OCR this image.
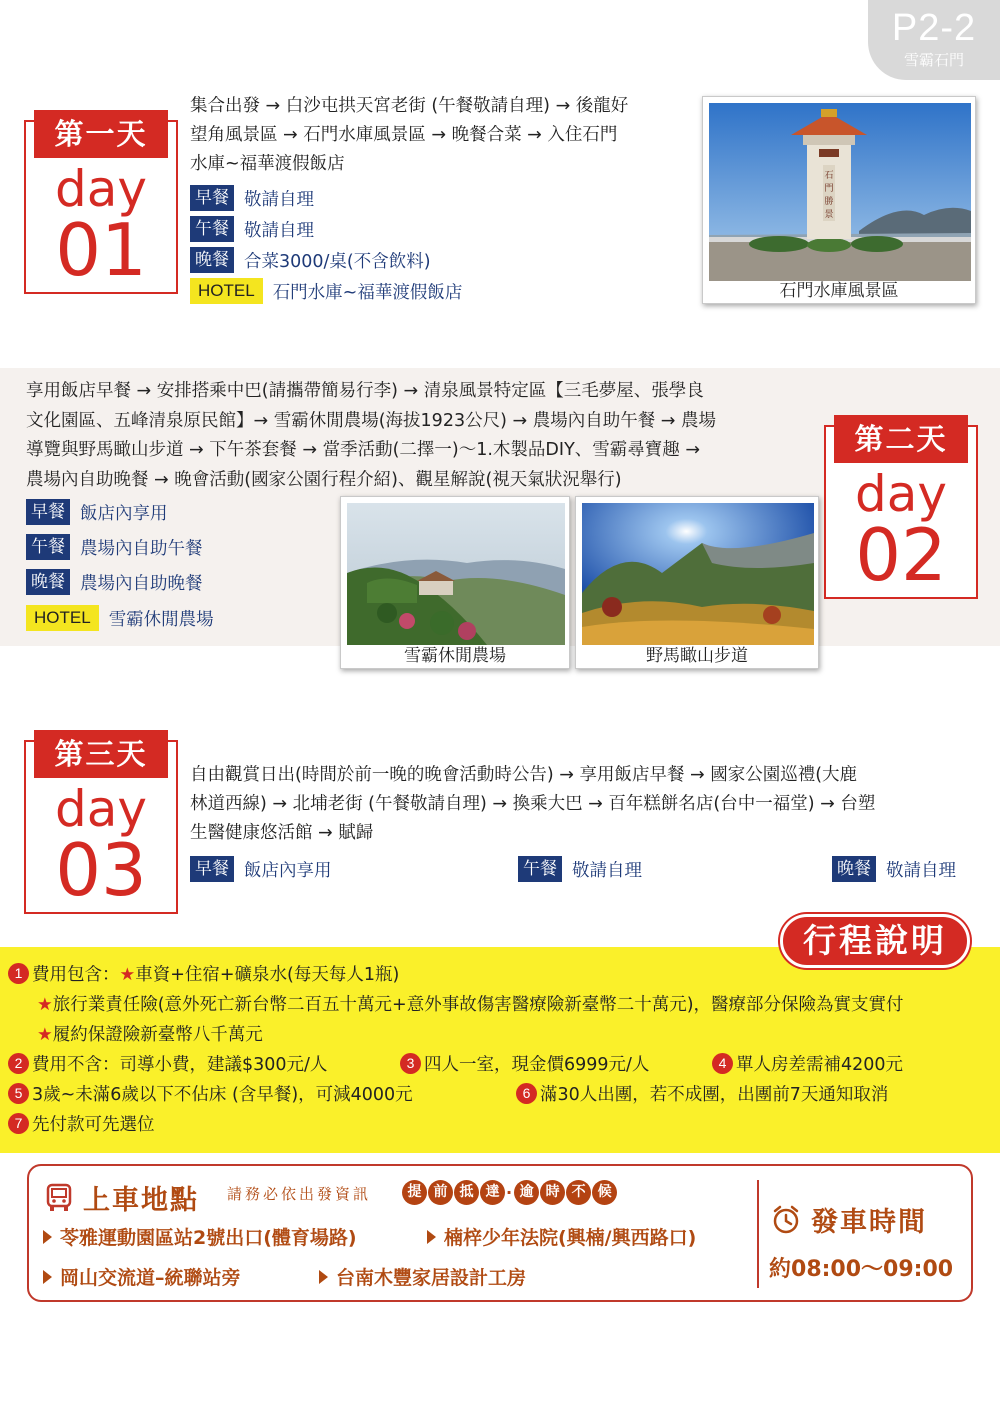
P2-2
雪霸石門
第一天
day
01
集合出發 → 白沙屯拱天宮老街 (午餐敬請自理) → 後龍好
望角風景區 → 石門水庫風景區 → 晚餐合菜 → 入住石門
水庫~福華渡假飯店
早餐 敬請自理
午餐 敬請自理
晚餐 合菜3000/桌(不含飲料)
HOTEL	石門水庫~福華渡假飯店
石
門
勝
景
石門水庫風景區
享用飯店早餐 → 安排搭乘中巴(請攜帶簡易行李) → 清泉風景特定區【三毛夢屋、張學良
文化園區、五峰清泉原民館】→ 雪霸休閒農場(海拔1923公尺) → 農場內自助午餐 → 農場
導覽與野馬瞰山步道 → 下午茶套餐 → 當季活動(二擇一)～1.木製品DIY、雪霸尋寶趣 →
農場內自助晚餐 → 晚會活動(國家公園行程介紹)、觀星解說(視天氣狀況舉行)
第二天
day
02
早餐 飯店內享用
午餐 農場內自助午餐
晚餐 農場內自助晚餐
HOTEL	雪霸休閒農場
雪霸休閒農場	野馬瞰山步道
第三天
day
03
自由觀賞日出(時間於前一晚的晚會活動時公告) → 享用飯店早餐 → 國家公園巡禮(大鹿
林道西線) → 北埔老街 (午餐敬請自理) → 換乘大巴 → 百年糕餅名店(台中一福堂) → 台塑
生醫健康悠活館 → 賦歸
早餐 飯店內享用	午餐 敬請自理	晚餐 敬請自理
行程說明
1 費用包含：★車資+住宿+礦泉水(每天每人1瓶)
★旅行業責任險(意外死亡新台幣二百五十萬元+意外事故傷害醫療險新臺幣二十萬元)，醫療部分保險為實支實付
★履約保證險新臺幣八千萬元
2 費用不含：司導小費，建議$300元/人	3 四人一室，現金價6999元/人	4 單人房差需補4200元
5 3歲~未滿6歲以下不佔床 (含早餐)，可減4000元	6 滿30人出團，若不成團，出團前7天通知取消
7 先付款可先選位
上車地點 請務必依出發資訊	提 前 抵 達 · 逾 時 不 候
苓雅運動園區站2號出口(體育場路)	楠梓少年法院(興楠/興西路口)
岡山交流道–統聯站旁	台南木豐家居設計工房
發車時間
約08:00～09:00
